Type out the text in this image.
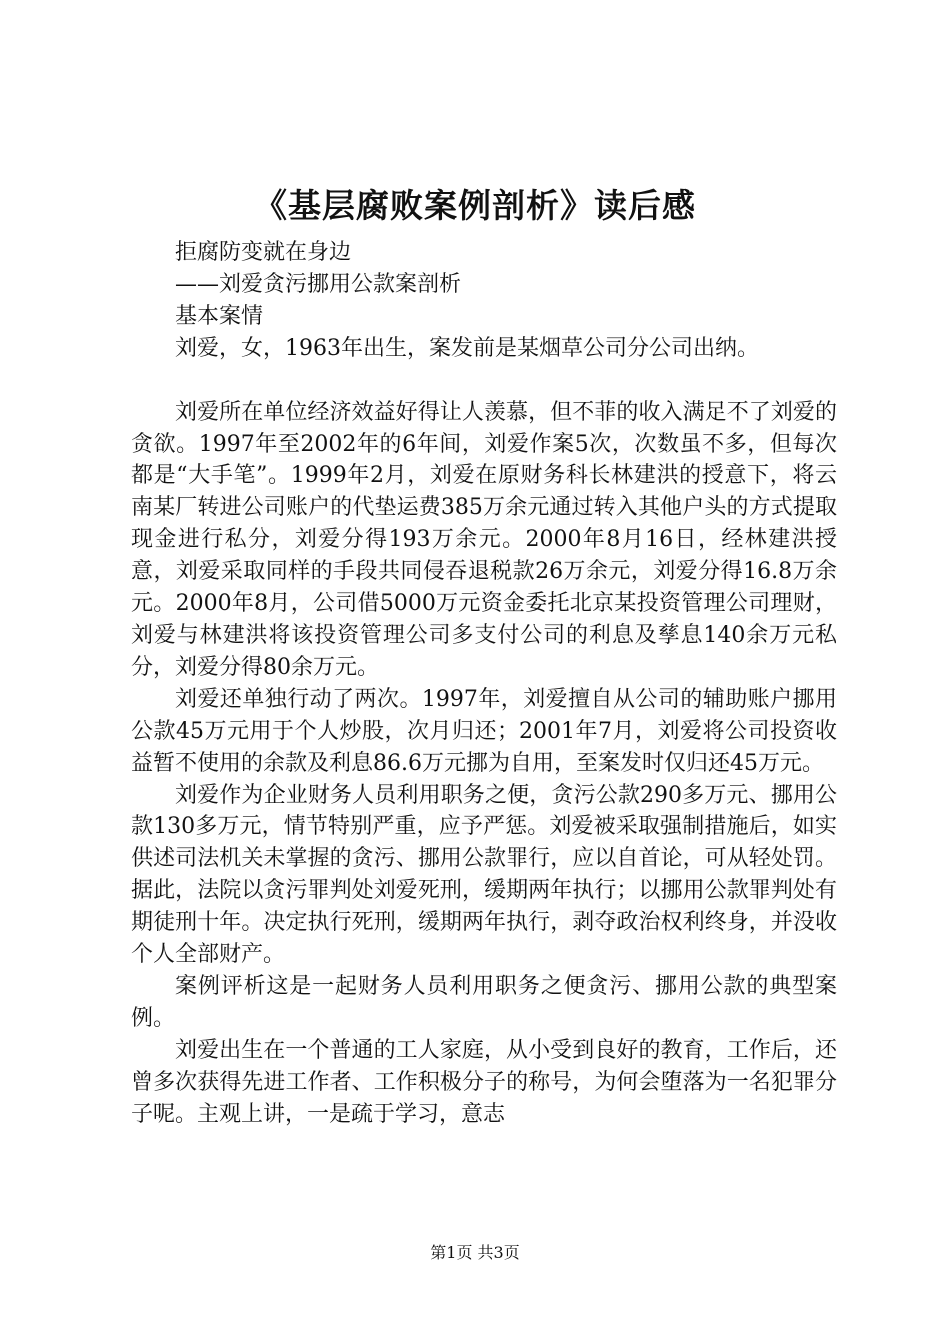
《基层腐败案例剖析》读后感

拒腐防变就在身边

——刘爱贪污挪用公款案剖析

基本案情

刘爱，女，1963年出生，案发前是某烟草公司分公司出纳。

刘爱所在单位经济效益好得让人羡慕，但不菲的收入满足不了刘爱的贪欲。1997年至2002年的6年间，刘爱作案5次，次数虽不多，但每次都是“大手笔”。1999年2月，刘爱在原财务科长林建洪的授意下，将云南某厂转进公司账户的代垫运费385万余元通过转入其他户头的方式提取现金进行私分，刘爱分得193万余元。2000年8月16日，经林建洪授意，刘爱采取同样的手段共同侵吞退税款26万余元，刘爱分得16.8万余元。2000年8月，公司借5000万元资金委托北京某投资管理公司理财，刘爱与林建洪将该投资管理公司多支付公司的利息及孳息140余万元私分，刘爱分得80余万元。

刘爱还单独行动了两次。1997年，刘爱擅自从公司的辅助账户挪用公款45万元用于个人炒股，次月归还；2001年7月，刘爱将公司投资收益暂不使用的余款及利息86.6万元挪为自用，至案发时仅归还45万元。

刘爱作为企业财务人员利用职务之便，贪污公款290多万元、挪用公款130多万元，情节特别严重，应予严惩。刘爱被采取强制措施后，如实供述司法机关未掌握的贪污、挪用公款罪行，应以自首论，可从轻处罚。据此，法院以贪污罪判处刘爱死刑，缓期两年执行；以挪用公款罪判处有期徒刑十年。决定执行死刑，缓期两年执行，剥夺政治权利终身，并没收个人全部财产。

案例评析这是一起财务人员利用职务之便贪污、挪用公款的典型案例。

刘爱出生在一个普通的工人家庭，从小受到良好的教育，工作后，还曾多次获得先进工作者、工作积极分子的称号，为何会堕落为一名犯罪分子呢。主观上讲，一是疏于学习，意志

第1页 共3页
